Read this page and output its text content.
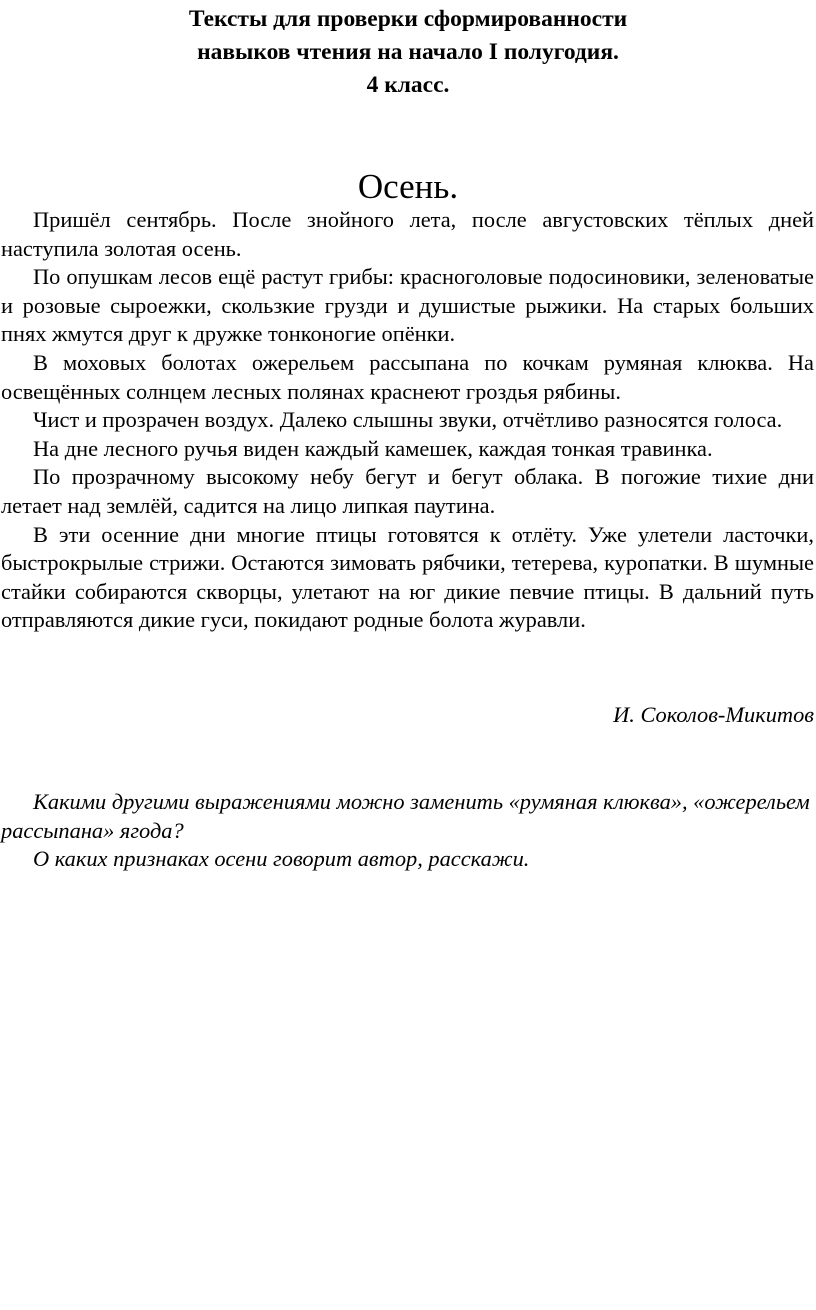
Тексты для проверки сформированности
навыков чтения на начало I полугодия.
4 класс.
Осень.

Пришёл сентябрь. После знойного лета, после августовских тёплых дней наступила золотая осень.

По опушкам лесов ещё растут грибы: красноголовые подосиновики, зеленоватые и розовые сыроежки, скользкие грузди и душистые рыжики. На старых больших пнях жмутся друг к дружке тонконогие опёнки.

В моховых болотах ожерельем рассыпана по кочкам румяная клюква. На освещённых солнцем лесных полянах краснеют гроздья рябины.

Чист и прозрачен воздух. Далеко слышны звуки, отчётливо разносятся голоса.

На дне лесного ручья виден каждый камешек, каждая тонкая травинка.

По прозрачному высокому небу бегут и бегут облака. В погожие тихие дни летает над землёй, садится на лицо липкая паутина.

В эти осенние дни многие птицы готовятся к отлёту. Уже улетели ласточки, быстрокрылые стрижи. Остаются зимовать рябчики, тетерева, куропатки. В шумные стайки собираются скворцы, улетают на юг дикие певчие птицы. В дальний путь отправляются дикие гуси, покидают родные болота журавли.

И. Соколов-Микитов

Какими другими выражениями можно заменить «румяная клюква», «ожерельем рассыпана» ягода?

О каких признаках осени говорит автор, расскажи.
